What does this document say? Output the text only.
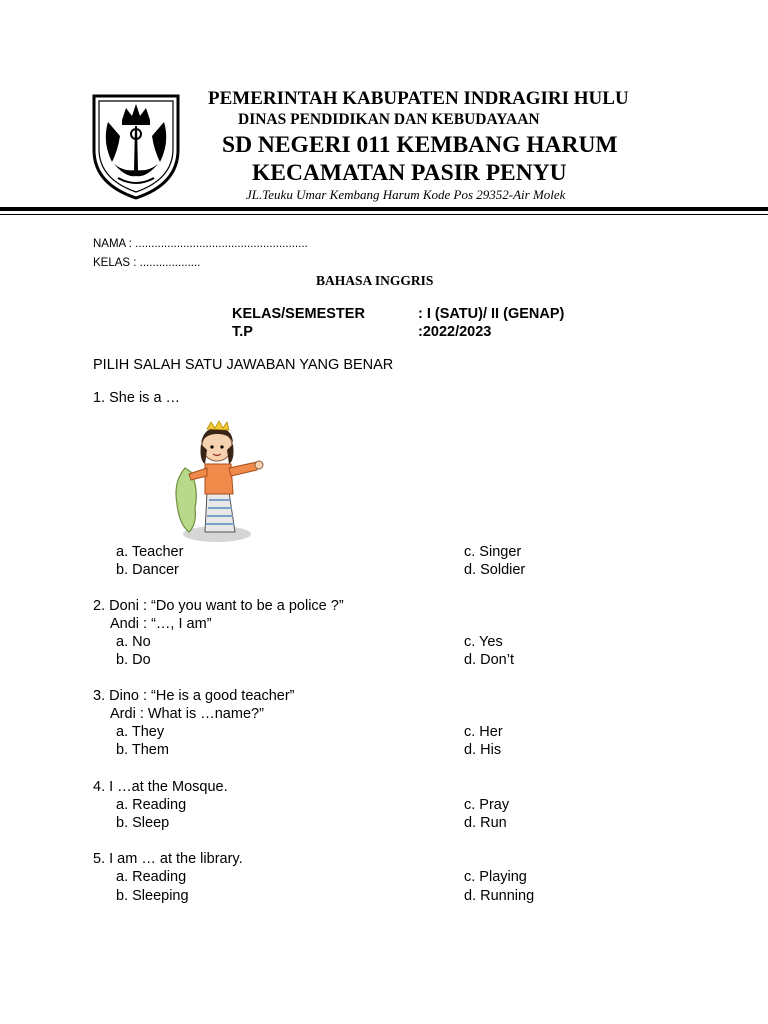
PEMERINTAH KABUPATEN INDRAGIRI HULU
DINAS PENDIDIKAN DAN KEBUDAYAAN
SD NEGERI 011 KEMBANG HARUM
KECAMATAN PASIR PENYU
JL.Teuku Umar Kembang Harum Kode Pos 29352-Air Molek
NAMA : ......................................................
KELAS : ...................
BAHASA INGGRIS
KELAS/SEMESTER	: I (SATU)/ II (GENAP)
T.P	:2022/2023
PILIH SALAH SATU JAWABAN YANG BENAR
1. She is a …
a. Teacher
b. Dancer
c. Singer
d. Soldier
2. Doni : “Do you want to be a police ?”
Andi : “…, I am”
a. No
b. Do
c. Yes
d. Don’t
3. Dino : “He is a good teacher”
Ardi : What is …name?”
a. They
b. Them
c. Her
d. His
4. I …at the Mosque.
a. Reading
b. Sleep
c. Pray
d. Run
5. I am … at the library.
a. Reading
b. Sleeping
c. Playing
d. Running
